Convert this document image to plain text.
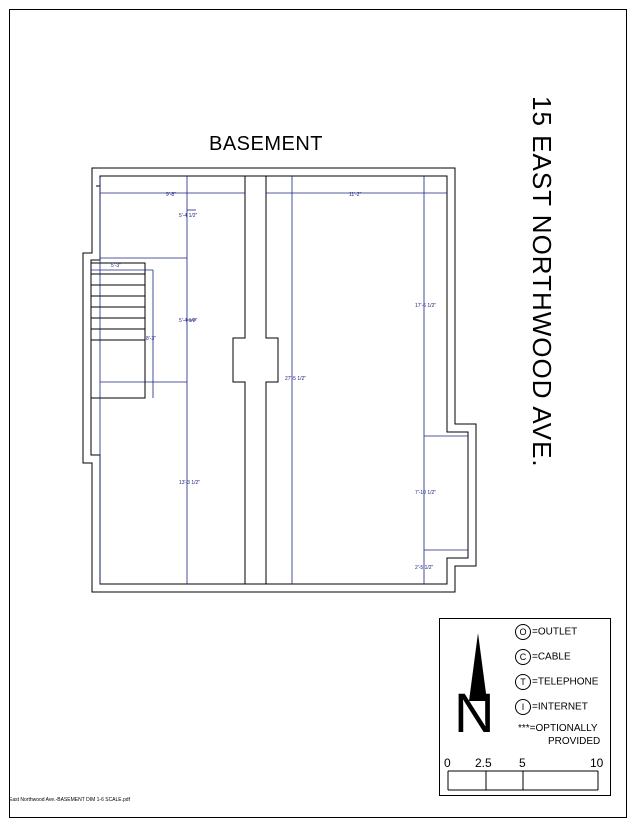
BASEMENT	15 EAST NORTHWOOD AVE.
9'-8"	11'-2"
5'-4 1/2"
5'-3"
8'-3"
5'-4 1/2"
17'-6 1/2"
27'-5 1/2"
13'-3 1/2"
7'-10 1/2"
2'-5 1/2"
N
O =OUTLET
C =CABLE
T =TELEPHONE
I =INTERNET
***=OPTIONALLY
PROVIDED
0 2.5 5	10
East Northwood Ave.-BASEMENT DIM 1-6 SCALE.pdf
